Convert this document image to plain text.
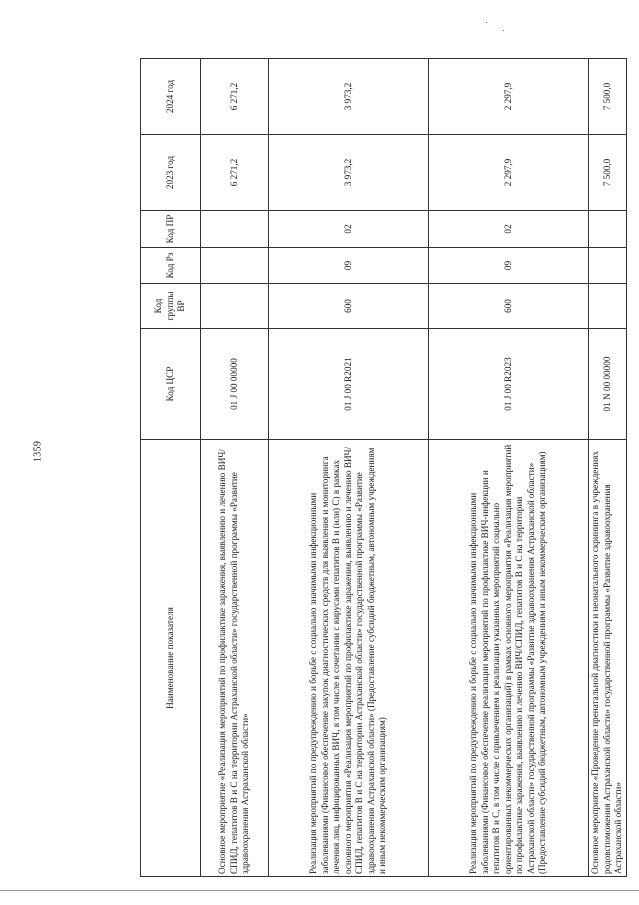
1359
Наименование показателя	Код ЦСР	Код группы ВР	Код Рз	Код ПР	2023 год	2024 год
Основное мероприятие «Реализация мероприятий по профилактике заражения, выявлению и лечению ВИЧ/СПИД, гепатитов В и С на территории Астраханской области» государственной программы «Развитие здравоохранения Астраханской области»	01 J 00 00000				6 271,2	6 271,2
Реализация мероприятий по предупреждению и борьбе с социально значимыми инфекционными заболеваниями (Финансовое обеспечение закупок диагностических средств для выявления и мониторинга лечения лиц, инфицированных ВИЧ, в том числе в сочетании с вирусами гепатитов В и (или) С) в рамках основного мероприятия «Реализация мероприятий по профилактике заражения, выявлению и лечению ВИЧ/СПИД, гепатитов В и С на территории Астраханской области» государственной программы «Развитие здравоохранения Астраханской области» (Предоставление субсидий бюджетным, автономным учреждениям и иным некоммерческим организациям)	01 J 00 R2021	600	09	02	3 973,2	3 973,2
Реализация мероприятий по предупреждению и борьбе с социально значимыми инфекционными заболеваниями (Финансовое обеспечение реализации мероприятий по профилактике ВИЧ-инфекции и гепатитов В и С, в том числе с привлечением к реализации указанных мероприятий социально ориентированных некоммерческих организаций) в рамках основного мероприятия «Реализация мероприятий по профилактике заражения, выявлению и лечению ВИЧ/СПИД, гепатитов В и С на территории Астраханской области» государственной программы «Развитие здравоохранения Астраханской области» (Предоставление субсидий бюджетным, автономным учреждениям и иным некоммерческим организациям)	01 J 00 R2023	600	09	02	2 297,9	2 297,9
Основное мероприятие «Проведение пренатальной диагностики и неонатального скрининга в учреждениях родовспоможения Астраханской области» государственной программы «Развитие здравоохранения Астраханской области»	01 N 00 00000				7 500,0	7 500,0
